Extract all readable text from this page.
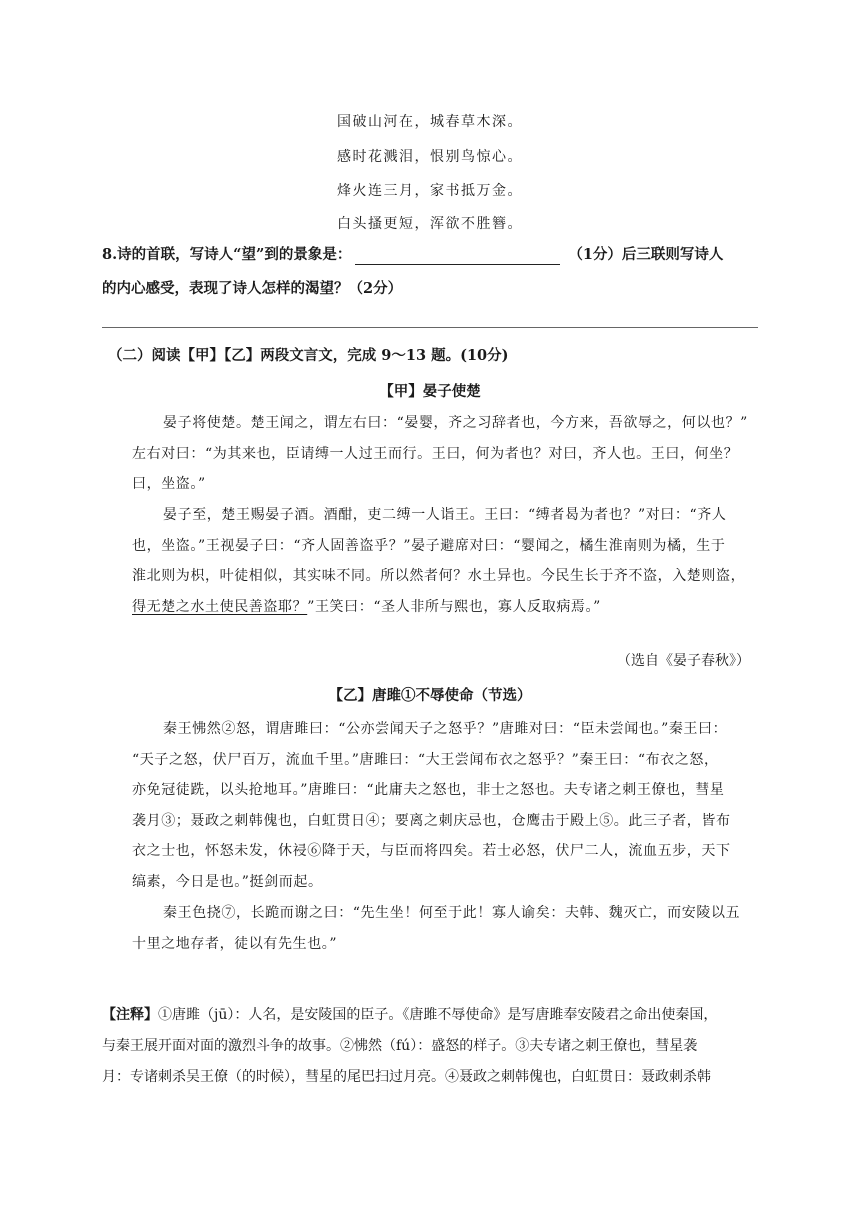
国破山河在，城春草木深。
感时花溅泪，恨别鸟惊心。
烽火连三月，家书抵万金。
白头搔更短，浑欲不胜簪。
8.诗的首联，写诗人“望”到的景象是：	（1分）后三联则写诗人
的内心感受，表现了诗人怎样的渴望？（2分）
（二）阅读【甲】【乙】两段文言文，完成 9～13 题。(10分)
【甲】晏子使楚
晏子将使楚。楚王闻之，谓左右曰：“晏婴，齐之习辞者也，今方来，吾欲辱之，何以也？”
左右对曰：“为其来也，臣请缚一人过王而行。王曰，何为者也？对曰，齐人也。王曰，何坐？
曰，坐盗。”
晏子至，楚王赐晏子酒。酒酣，吏二缚一人诣王。王曰：“缚者曷为者也？”对曰：“齐人
也，坐盗。”王视晏子曰：“齐人固善盗乎？”晏子避席对曰：“婴闻之，橘生淮南则为橘，生于
淮北则为枳，叶徒相似，其实味不同。所以然者何？水土异也。今民生长于齐不盗，入楚则盗，
得无楚之水土使民善盗耶？”王笑曰：“圣人非所与熙也，寡人反取病焉。”
（选自《晏子春秋》）
【乙】唐雎①不辱使命（节选）
秦王怫然②怒，谓唐雎曰：“公亦尝闻天子之怒乎？”唐雎对曰：“臣未尝闻也。”秦王曰：
“天子之怒，伏尸百万，流血千里。”唐雎曰：“大王尝闻布衣之怒乎？”秦王曰：“布衣之怒，
亦免冠徒跣，以头抢地耳。”唐雎曰：“此庸夫之怒也，非士之怒也。夫专诸之刺王僚也，彗星
袭月③；聂政之刺韩傀也，白虹贯日④；要离之刺庆忌也，仓鹰击于殿上⑤。此三子者，皆布
衣之士也，怀怒未发，休祲⑥降于天，与臣而将四矣。若士必怒，伏尸二人，流血五步，天下
缟素，今日是也。”挺剑而起。
秦王色挠⑦，长跪而谢之曰：“先生坐！何至于此！寡人谕矣：夫韩、魏灭亡，而安陵以五
十里之地存者，徒以有先生也。”
【注释】①唐雎（jū）：人名，是安陵国的臣子。《唐雎不辱使命》是写唐雎奉安陵君之命出使秦国，
与秦王展开面对面的激烈斗争的故事。②怫然（fú）：盛怒的样子。③夫专诸之刺王僚也，彗星袭
月：专诸刺杀吴王僚（的时候），彗星的尾巴扫过月亮。④聂政之刺韩傀也，白虹贯日：聂政刺杀韩
